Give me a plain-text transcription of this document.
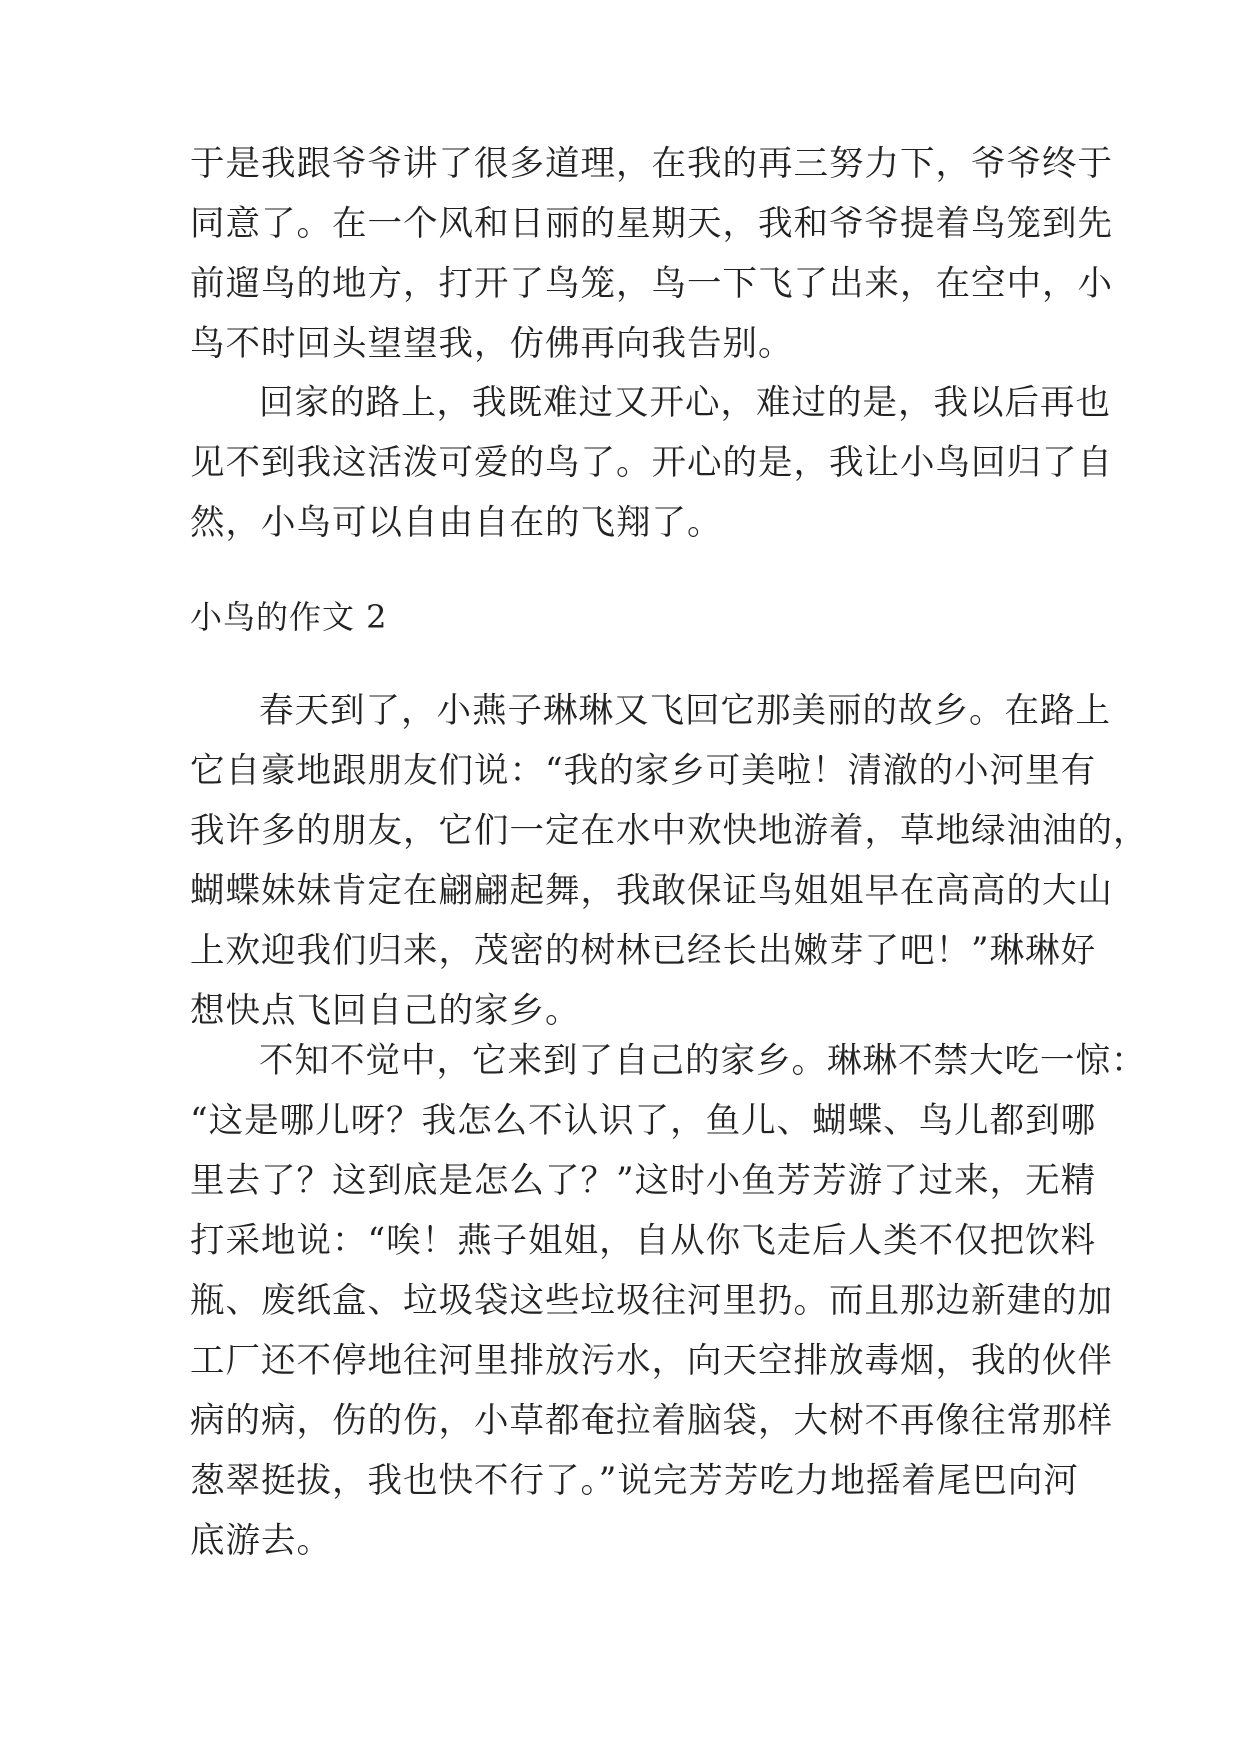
于是我跟爷爷讲了很多道理，在我的再三努力下，爷爷终于
同意了。在一个风和日丽的星期天，我和爷爷提着鸟笼到先
前遛鸟的地方，打开了鸟笼，鸟一下飞了出来，在空中，小
鸟不时回头望望我，仿佛再向我告别。
回家的路上，我既难过又开心，难过的是，我以后再也
见不到我这活泼可爱的鸟了。开心的是，我让小鸟回归了自
然，小鸟可以自由自在的飞翔了。
小鸟的作文 2
春天到了，小燕子琳琳又飞回它那美丽的故乡。在路上
它自豪地跟朋友们说：“我的家乡可美啦！清澈的小河里有
我许多的朋友，它们一定在水中欢快地游着，草地绿油油的，
蝴蝶妹妹肯定在翩翩起舞，我敢保证鸟姐姐早在高高的大山
上欢迎我们归来，茂密的树林已经长出嫩芽了吧！”琳琳好
想快点飞回自己的家乡。
不知不觉中，它来到了自己的家乡。琳琳不禁大吃一惊：
“这是哪儿呀？我怎么不认识了，鱼儿、蝴蝶、鸟儿都到哪
里去了？这到底是怎么了？”这时小鱼芳芳游了过来，无精
打采地说：“唉！燕子姐姐，自从你飞走后人类不仅把饮料
瓶、废纸盒、垃圾袋这些垃圾往河里扔。而且那边新建的加
工厂还不停地往河里排放污水，向天空排放毒烟，我的伙伴
病的病，伤的伤，小草都奄拉着脑袋，大树不再像往常那样
葱翠挺拔，我也快不行了。”说完芳芳吃力地摇着尾巴向河
底游去。
